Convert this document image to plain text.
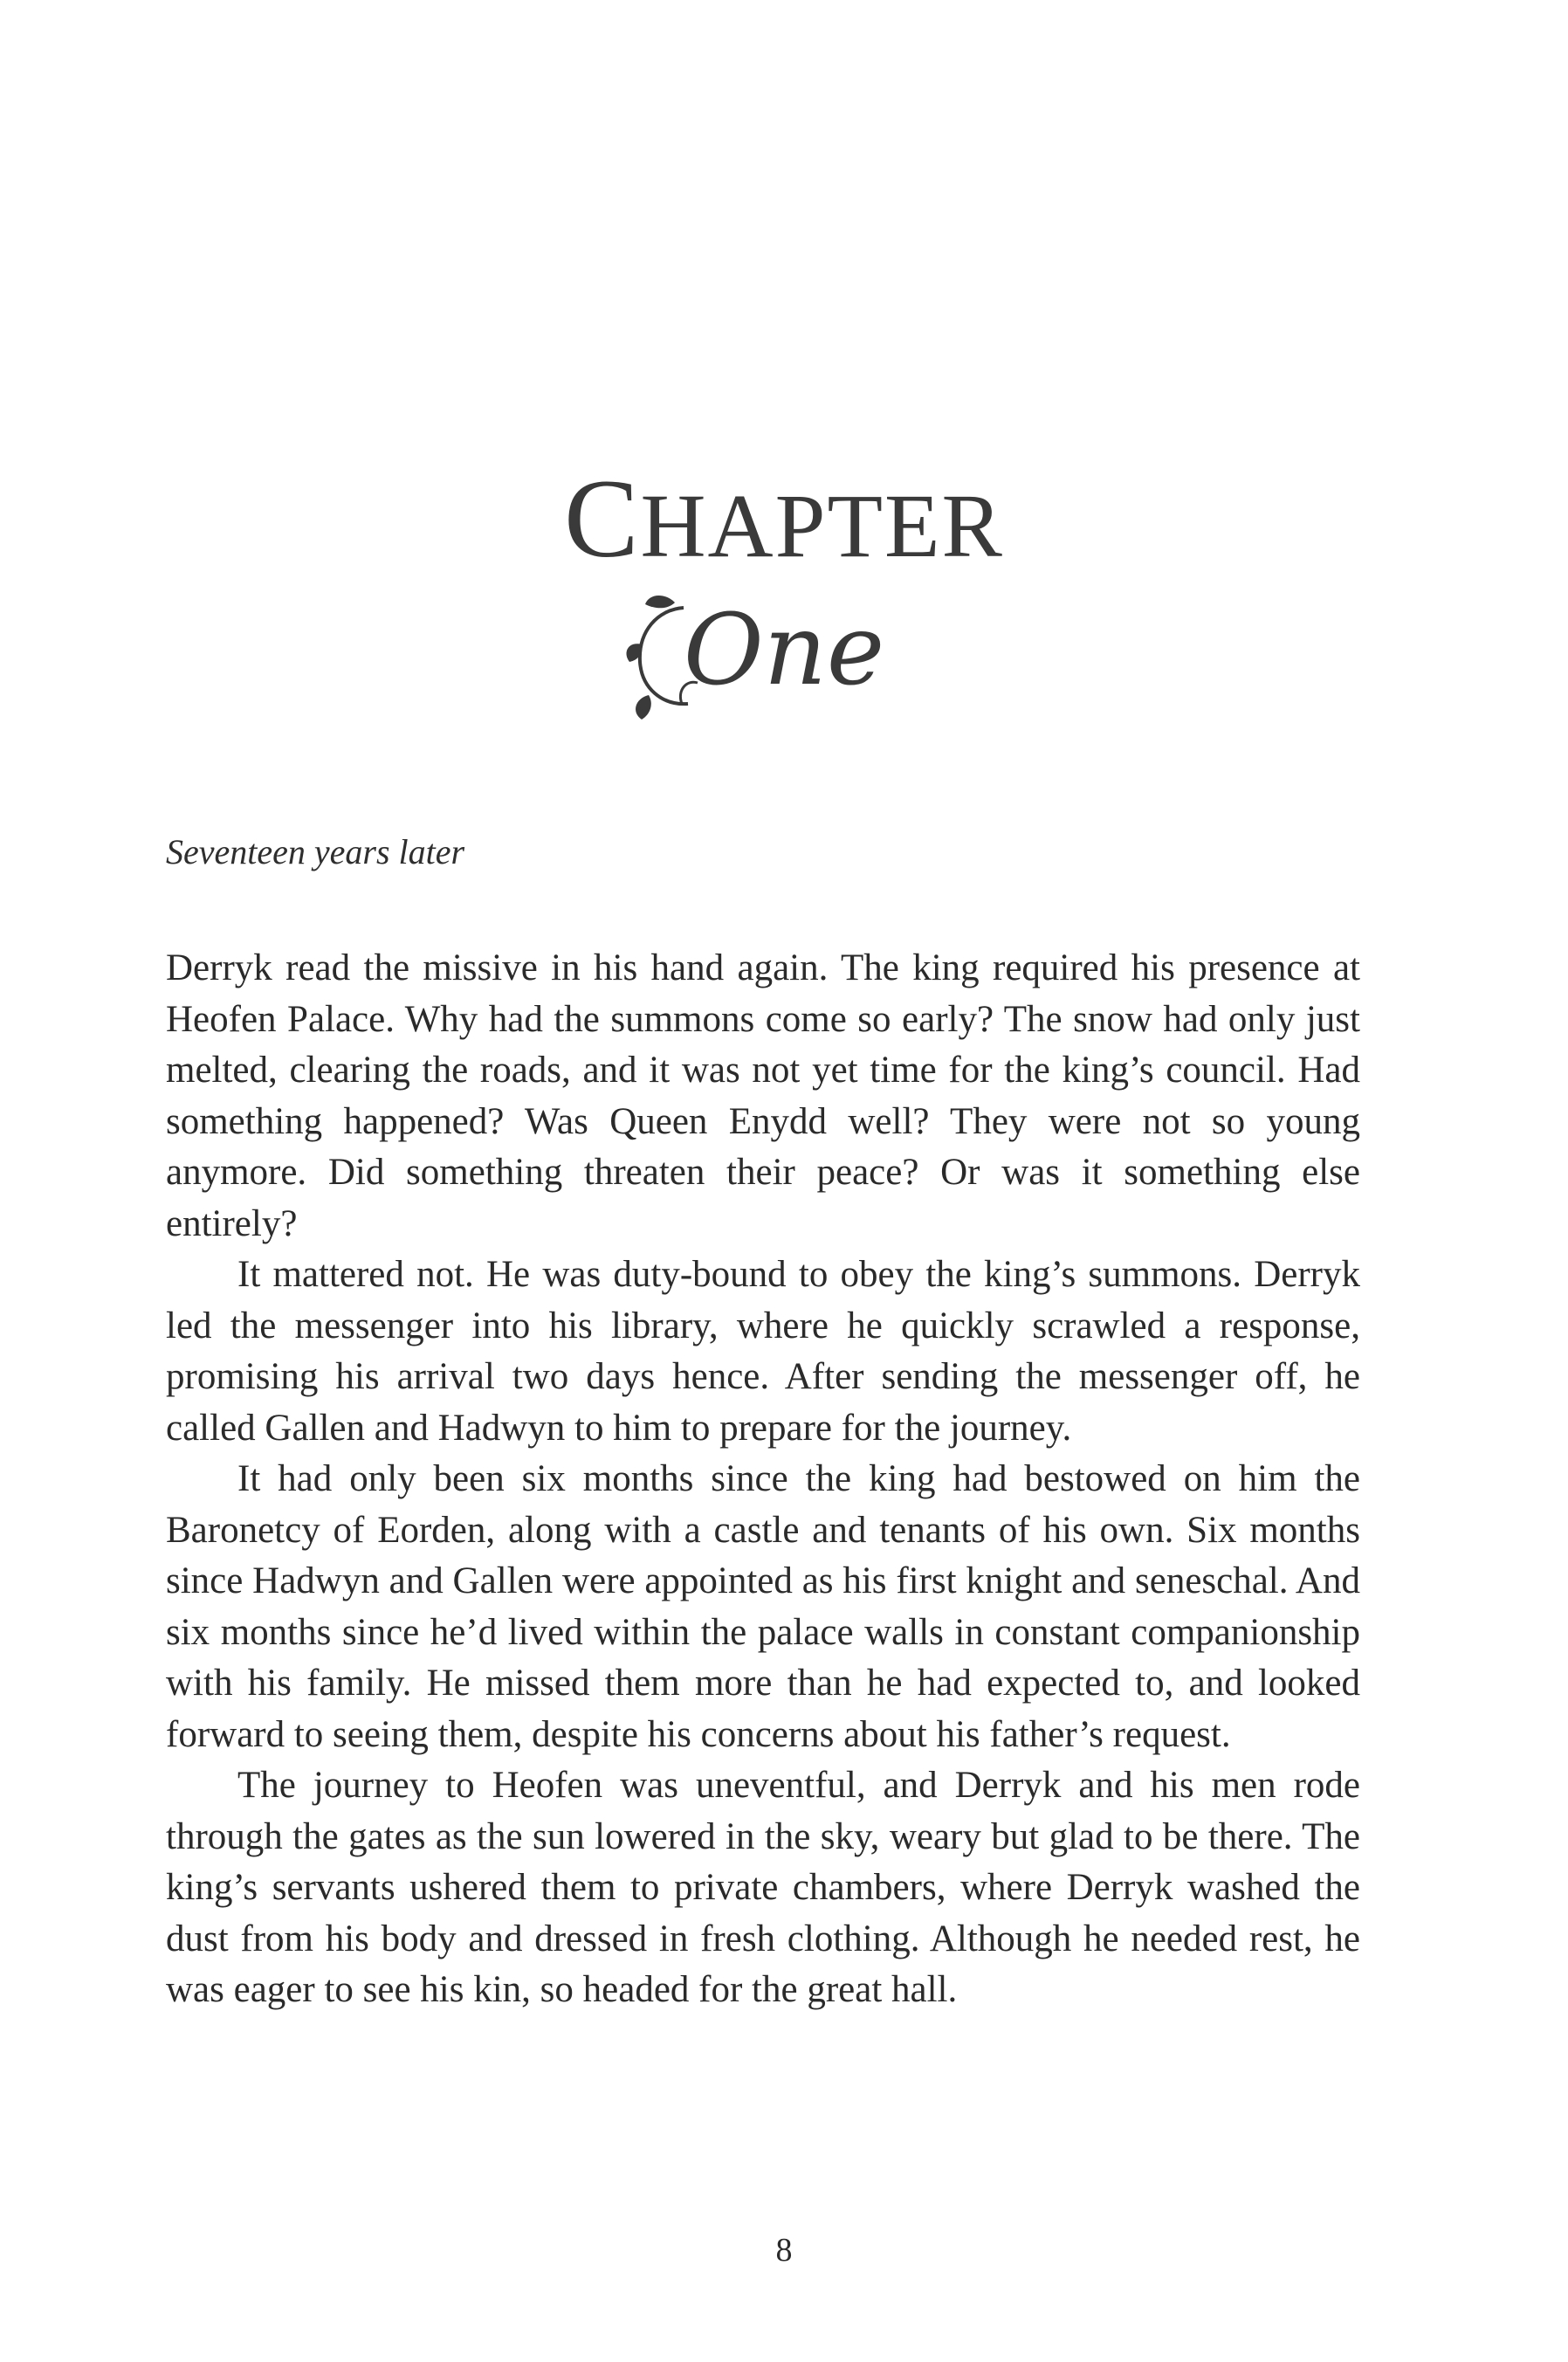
CHAPTER
One
Seventeen years later

Derryk read the missive in his hand again. The king required his presence at Heofen Palace. Why had the summons come so early? The snow had only just melted, clearing the roads, and it was not yet time for the king’s council. Had something happened? Was Queen Enydd well? They were not so young anymore. Did something threaten their peace? Or was it something else entirely?

It mattered not. He was duty-bound to obey the king’s summons. Derryk led the messenger into his library, where he quickly scrawled a response, promising his arrival two days hence. After sending the messenger off, he called Gallen and Hadwyn to him to prepare for the journey.

It had only been six months since the king had bestowed on him the Baronetcy of Eorden, along with a castle and tenants of his own. Six months since Hadwyn and Gallen were appointed as his first knight and seneschal. And six months since he’d lived within the palace walls in constant companionship with his family. He missed them more than he had expected to, and looked forward to seeing them, despite his concerns about his father’s request.

The journey to Heofen was uneventful, and Derryk and his men rode through the gates as the sun lowered in the sky, weary but glad to be there. The king’s servants ushered them to private chambers, where Derryk washed the dust from his body and dressed in fresh clothing. Although he needed rest, he was eager to see his kin, so headed for the great hall.

8
